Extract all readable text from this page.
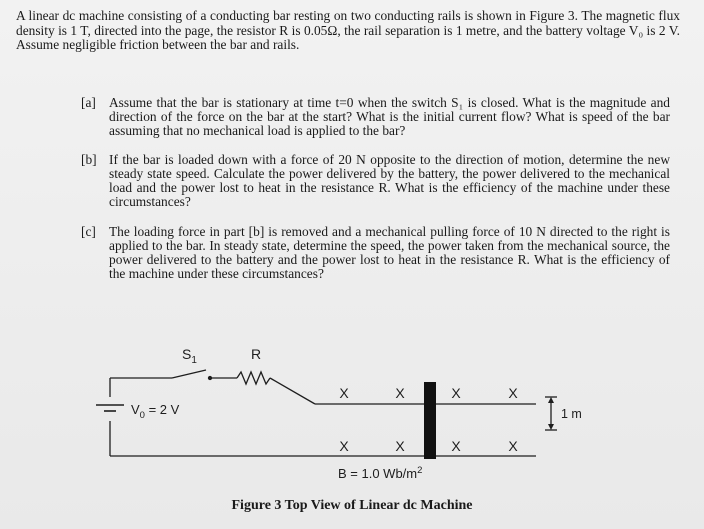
A linear dc machine consisting of a conducting bar resting on two conducting rails is shown in Figure 3. The magnetic flux density is 1 T, directed into the page, the resistor R is 0.05Ω, the rail separation is 1 metre, and the battery voltage V₀ is 2 V. Assume negligible friction between the bar and rails.

[a] Assume that the bar is stationary at time t=0 when the switch S₁ is closed. What is the magnitude and direction of the force on the bar at the start? What is the initial current flow? What is speed of the bar assuming that no mechanical load is applied to the bar?
[b] If the bar is loaded down with a force of 20 N opposite to the direction of motion, determine the new steady state speed. Calculate the power delivered by the battery, the power delivered to the mechanical load and the power lost to heat in the resistance R. What is the efficiency of the machine under these circumstances?
[c] The loading force in part [b] is removed and a mechanical pulling force of 10 N directed to the right is applied to the bar. In steady state, determine the speed, the power taken from the mechanical source, the power delivered to the battery and the power lost to heat in the resistance R. What is the efficiency of the machine under these circumstances?
X	X	X	X
X	X	X	X
$S_1$	R
$V_0 = 2$ V	1 m
B = 1.0 $Wb/m^2$
Figure 3 Top View of Linear dc Machine
